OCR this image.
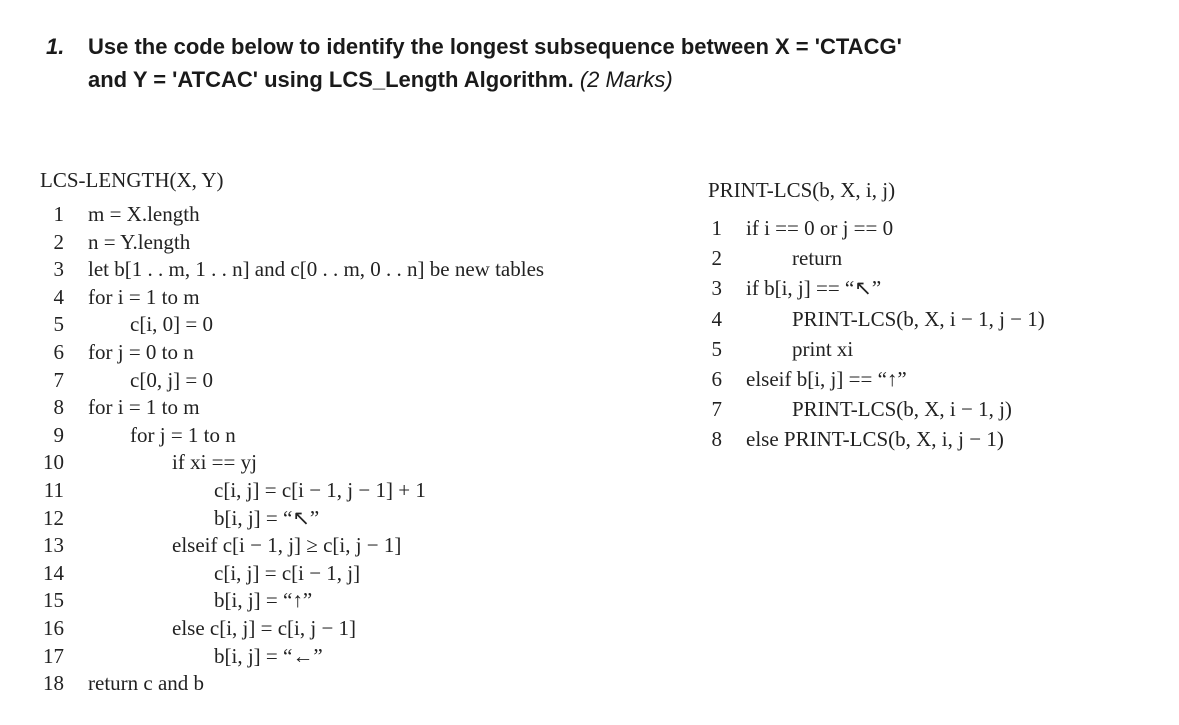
1. Use the code below to identify the longest subsequence between X = 'CTACG'
and Y = 'ATCAC' using LCS_Length Algorithm. (2 Marks)
LCS-LENGTH(X, Y)
1 m = X.length
2 n = Y.length
3 let b[1 . . m, 1 . . n] and c[0 . . m, 0 . . n] be new tables
4 for i = 1 to m
5	c[i, 0] = 0
6 for j = 0 to n
7	c[0, j] = 0
8 for i = 1 to m
9	for j = 1 to n
10	if xi == yj
11	c[i, j] = c[i − 1, j − 1] + 1
12	b[i, j] = “↖”
13	elseif c[i − 1, j] ≥ c[i, j − 1]
14	c[i, j] = c[i − 1, j]
15	b[i, j] = “↑”
16	else c[i, j] = c[i, j − 1]
17	b[i, j] = “←”
18 return c and b
PRINT-LCS(b, X, i, j)
1 if i == 0 or j == 0
2	return
3 if b[i, j] == “↖”
4	PRINT-LCS(b, X, i − 1, j − 1)
5	print xi
6 elseif b[i, j] == “↑”
7	PRINT-LCS(b, X, i − 1, j)
8 else PRINT-LCS(b, X, i, j − 1)
